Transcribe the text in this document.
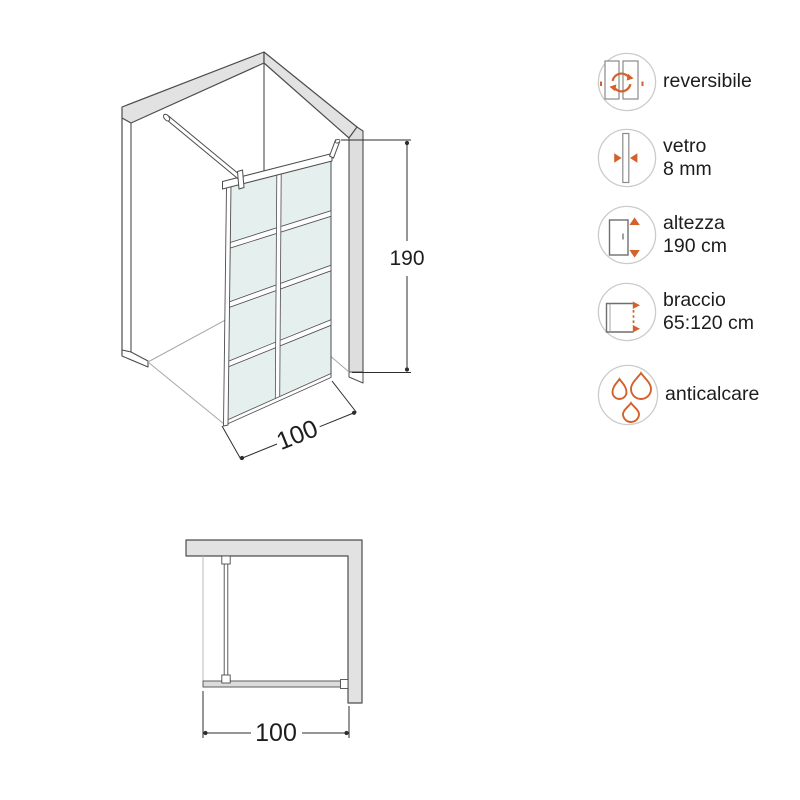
190
100
100
reversibile
vetro
8 mm
altezza
190 cm
braccio
65:120 cm
anticalcare
